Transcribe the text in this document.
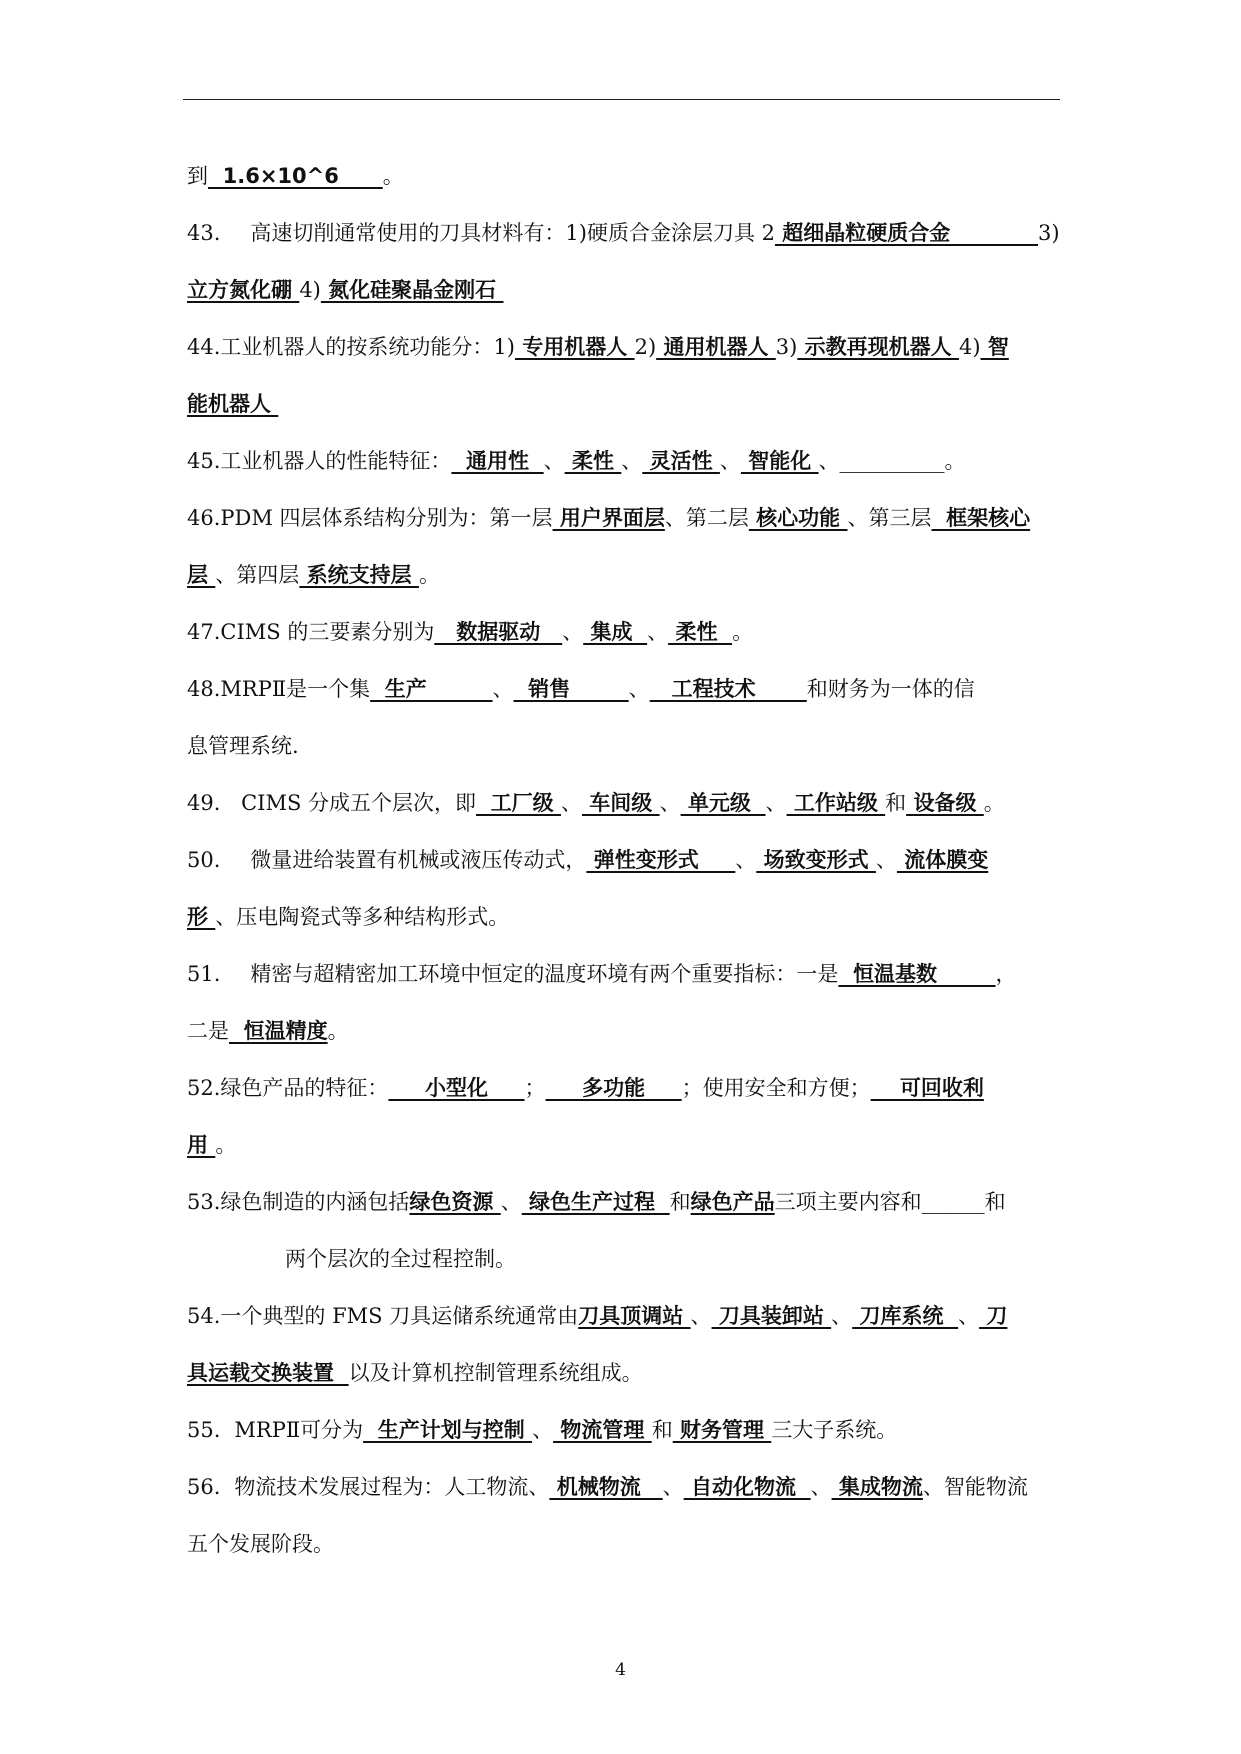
到  1.6×10^6      。
43. 高速切削通常使用的刀具材料有：1)硬质合金涂层刀具 2 超细晶粒硬质合金            3)
立方氮化硼 4) 氮化硅聚晶金刚石
44.工业机器人的按系统功能分：1) 专用机器人 2) 通用机器人 3) 示教再现机器人 4) 智
能机器人
45.工业机器人的性能特征：  通用性  、 柔性 、 灵活性 、 智能化 、__________。
46.PDM 四层体系结构分别为：第一层 用户界面层、第二层 核心功能 、第三层  框架核心
层 、第四层 系统支持层 。
47.CIMS 的三要素分别为   数据驱动   、 集成  、 柔性  。
48.MRPⅡ是一个集  生产         、  销售        、   工程技术       和财务为一体的信
息管理系统.
49. CIMS 分成五个层次，即  工厂级 、 车间级 、 单元级  、 工作站级 和 设备级 。
50. 微量进给装置有机械或液压传动式， 弹性变形式     、 场致变形式 、 流体膜变
形 、压电陶瓷式等多种结构形式。
51. 精密与超精密加工环境中恒定的温度环境有两个重要指标：一是  恒温基数        ，
二是  恒温精度。
52.绿色产品的特征：     小型化     ；     多功能     ；使用安全和方便；    可回收利
用 。
53.绿色制造的内涵包括绿色资源 、 绿色生产过程  和绿色产品三项主要内容和______和
两个层次的全过程控制。
54.一个典型的 FMS 刀具运储系统通常由刀具顶调站 、 刀具装卸站 、 刀库系统  、 刀
具运载交换装置  以及计算机控制管理系统组成。
55. MRPⅡ可分为  生产计划与控制 、 物流管理 和 财务管理 三大子系统。
56. 物流技术发展过程为：人工物流、 机械物流   、 自动化物流  、 集成物流、智能物流
五个发展阶段。
4
